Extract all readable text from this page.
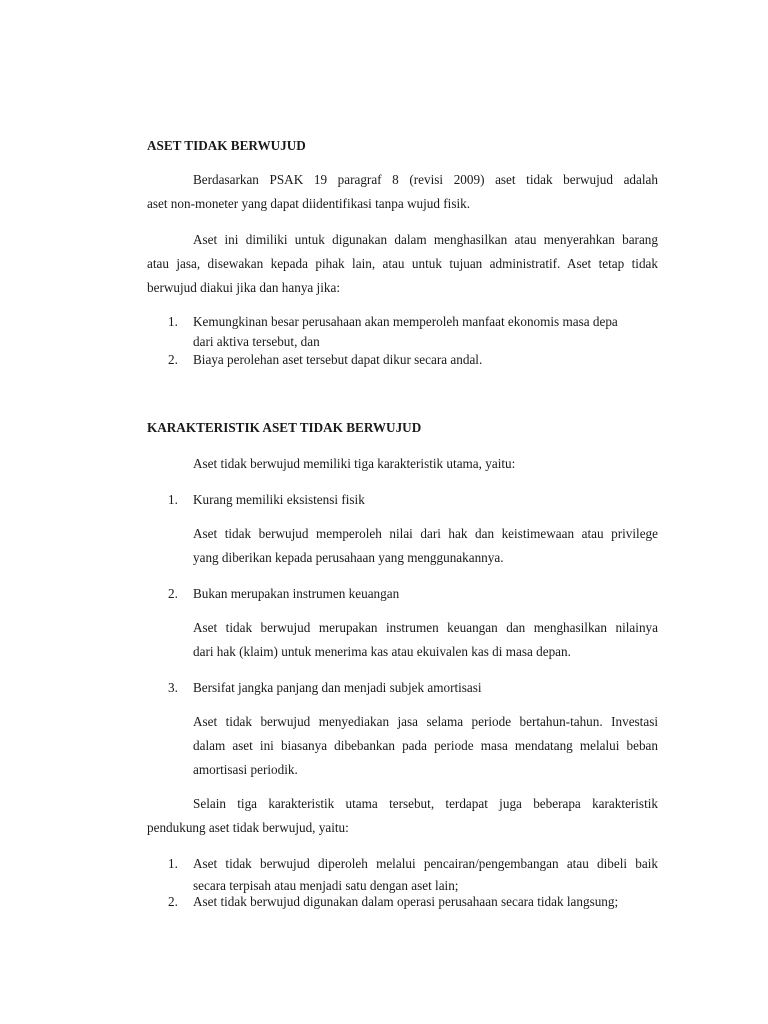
ASET TIDAK BERWUJUD
Berdasarkan PSAK 19 paragraf 8 (revisi 2009) aset tidak berwujud adalah
aset non-moneter yang dapat diidentifikasi tanpa wujud fisik.
Aset ini dimiliki untuk digunakan dalam menghasilkan atau menyerahkan barang
atau jasa, disewakan kepada pihak lain, atau untuk tujuan administratif. Aset tetap tidak
berwujud diakui jika dan hanya jika:
1.	Kemungkinan besar perusahaan akan memperoleh manfaat ekonomis masa depa
dari aktiva tersebut, dan
2.	Biaya perolehan aset tersebut dapat dikur secara andal.
KARAKTERISTIK ASET TIDAK BERWUJUD
Aset tidak berwujud memiliki tiga karakteristik utama, yaitu:
1.	Kurang memiliki eksistensi fisik
Aset tidak berwujud memperoleh nilai dari hak dan keistimewaan atau privilege
yang diberikan kepada perusahaan yang menggunakannya.
2.	Bukan merupakan instrumen keuangan
Aset tidak berwujud merupakan instrumen keuangan dan menghasilkan nilainya
dari hak (klaim) untuk menerima kas atau ekuivalen kas di masa depan.
3.	Bersifat jangka panjang dan menjadi subjek amortisasi
Aset tidak berwujud menyediakan jasa selama periode bertahun-tahun. Investasi
dalam aset ini biasanya dibebankan pada periode masa mendatang melalui beban
amortisasi periodik.
Selain tiga karakteristik utama tersebut, terdapat juga beberapa karakteristik
pendukung aset tidak berwujud, yaitu:
1.	Aset tidak berwujud diperoleh melalui pencairan/pengembangan atau dibeli baik
secara terpisah atau menjadi satu dengan aset lain;
2.	Aset tidak berwujud digunakan dalam operasi perusahaan secara tidak langsung;
